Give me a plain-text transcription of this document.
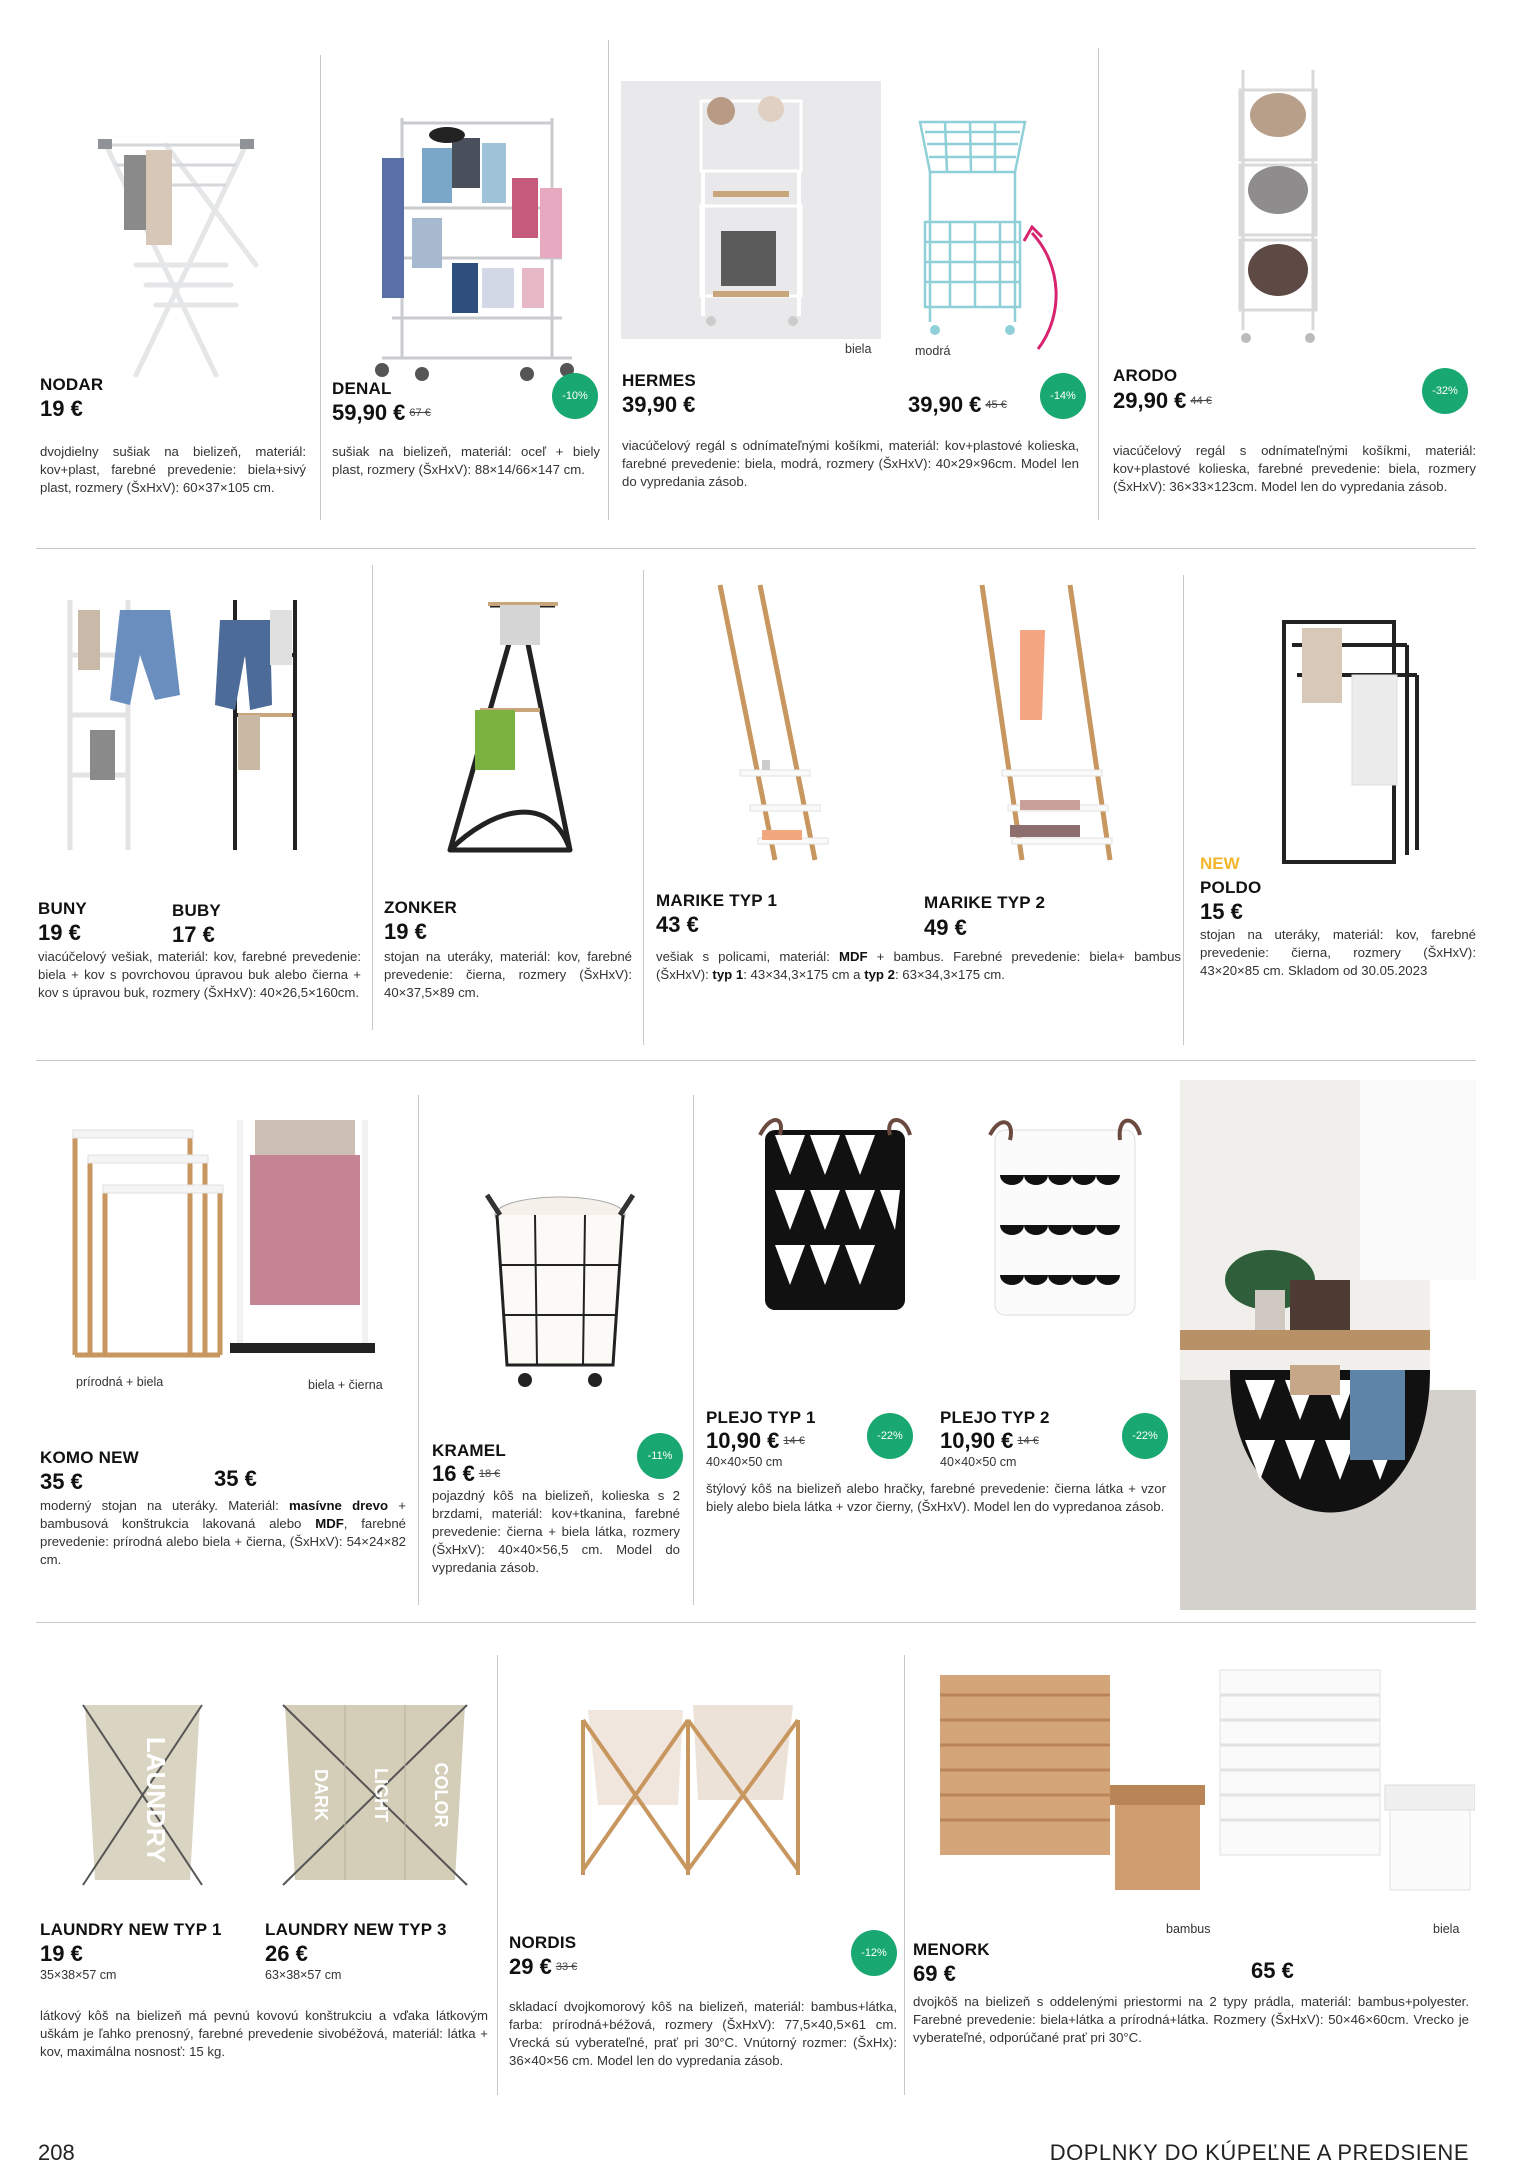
NODAR
19 €
dvojdielny sušiak na bielizeň, materiál: kov+plast, farebné prevedenie: biela+sivý plast, rozmery (ŠxHxV): 60×37×105 cm.
DENAL
59,90 € 67 €
-10%
sušiak na bielizeň, materiál: oceľ + biely plast, rozmery (ŠxHxV): 88×14/66×147 cm.
biela	modrá
HERMES
39,90 €	39,90 € 45 €
-14%
viacúčelový regál s odnímateľnými košíkmi, materiál: kov+plastové kolieska, farebné prevedenie: biela, modrá, rozmery (ŠxHxV): 40×29×96cm. Model len do vypredania zásob.
ARODO
29,90 € 44 €
-32%
viacúčelový regál s odnímateľnými košíkmi, materiál: kov+plastové kolieska, farebné prevedenie: biela, rozmery (ŠxHxV): 36×33×123cm. Model len do vypredania zásob.
BUNY
19 €
BUBY
17 €
viacúčelový vešiak, materiál: kov, farebné prevedenie: biela + kov s povrchovou úpravou buk alebo čierna + kov s úpravou buk, rozmery (ŠxHxV): 40×26,5×160cm.
ZONKER
19 €
stojan na uteráky, materiál: kov, farebné prevedenie: čierna, rozmery (ŠxHxV): 40×37,5×89 cm.
MARIKE TYP 1
43 €
MARIKE TYP 2
49 €
vešiak s policami, materiál: MDF + bambus. Farebné prevedenie: biela+ bambus (ŠxHxV): typ 1: 43×34,3×175 cm a typ 2: 63×34,3×175 cm.
NEW
POLDO
15 €
stojan na uteráky, materiál: kov, farebné prevedenie: čierna, rozmery (ŠxHxV): 43×20×85 cm. Skladom od 30.05.2023
prírodná + biela	biela + čierna
KOMO NEW
35 €	35 €
moderný stojan na uteráky. Materiál: masívne drevo + bambusová konštrukcia lakovaná alebo MDF, farebné prevedenie: prírodná alebo biela + čierna, (ŠxHxV): 54×24×82 cm.
KRAMEL
16 € 18 €
-11%
pojazdný kôš na bielizeň, kolieska s 2 brzdami, materiál: kov+tkanina, farebné prevedenie: čierna + biela látka, rozmery (ŠxHxV): 40×40×56,5 cm. Model do vypredania zásob.
PLEJO TYP 1
10,90 € 14 €
40×40×50 cm
-22%
PLEJO TYP 2
10,90 € 14 €
40×40×50 cm
-22%
štýlový kôš na bielizeň alebo hračky, farebné prevedenie: čierna látka + vzor biely alebo biela látka + vzor čierny, (ŠxHxV). Model len do vypredanoa zásob.
LAUNDRY	DARK LIGHT COLOR
LAUNDRY NEW TYP 1
19 €
35×38×57 cm
LAUNDRY NEW TYP 3
26 €
63×38×57 cm
látkový kôš na bielizeň má pevnú kovovú konštrukciu a vďaka látkovým uškám je ľahko prenosný, farebné prevedenie sivobéžová, materiál: látka + kov, maximálna nosnosť: 15 kg.
NORDIS
29 € 33 €
-12%
skladací dvojkomorový kôš na bielizeň, materiál: bambus+látka, farba: prírodná+béžová, rozmery (ŠxHxV): 77,5×40,5×61 cm. Vrecká sú vyberateľné, prať pri 30°C. Vnútorný rozmer: (ŠxHx): 36×40×56 cm. Model len do vypredania zásob.
bambus	biela
MENORK
69 €	65 €
dvojkôš na bielizeň s oddelenými priestormi na 2 typy prádla, materiál: bambus+polyester. Farebné prevedenie: biela+látka a prírodná+látka. Rozmery (ŠxHxV): 50×46×60cm. Vrecko je vyberateľné, odporúčané prať pri 30°C.
208	DOPLNKY DO KÚPEĽNE A PREDSIENE
